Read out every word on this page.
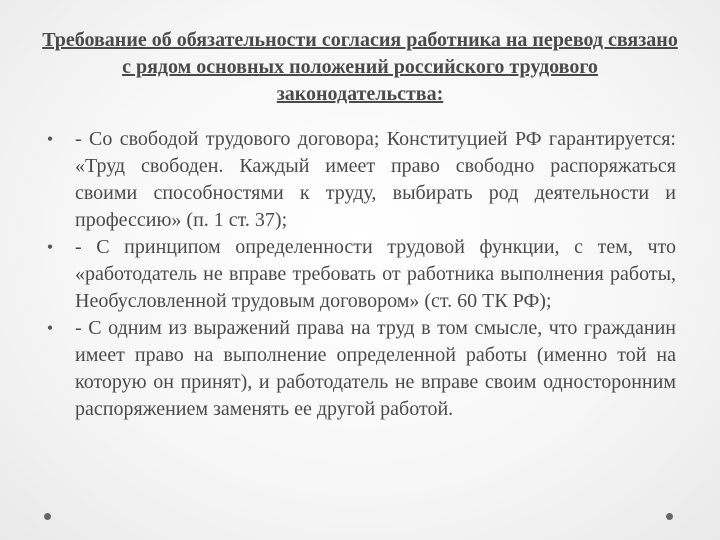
Требование об обязательности согласия работника на перевод связано с рядом основных положений российского трудового законодательства:
• - Со свободой трудового договора; Конституцией РФ гарантируется: «Труд свободен. Каждый имеет право свободно распоряжаться своими способностями к труду, выбирать род деятельности и профессию» (п. 1 ст. 37);
• - С принципом определенности трудовой функции, с тем, что «работодатель не вправе требовать от работника выполнения работы, Необусловленной трудовым договором» (ст. 60 ТК РФ);
• - С одним из выражений права на труд в том смысле, что гражданин имеет право на выполнение определенной работы (именно той на которую он принят), и работодатель не вправе своим односторонним распоряжением заменять ее другой работой.
